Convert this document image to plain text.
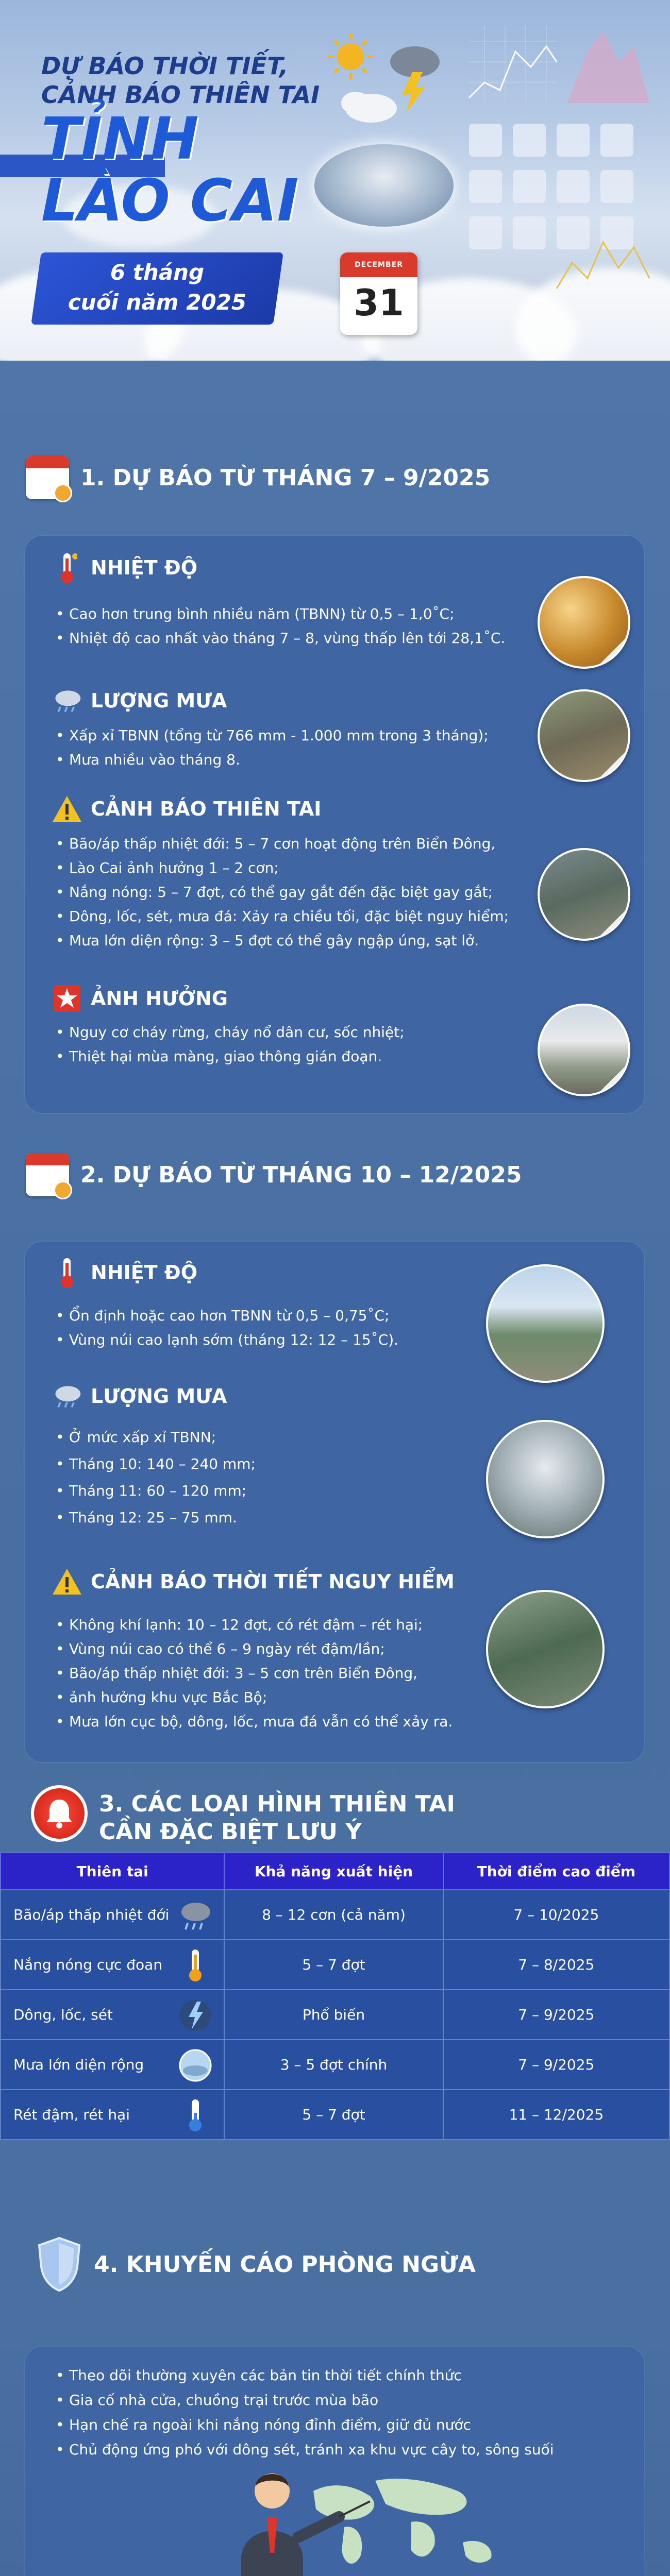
DỰ BÁO THỜI TIẾT,
CẢNH BÁO THIÊN TAI
TỈNH
LÀO CAI
6 tháng
cuối năm 2025
DECEMBER
31
1. DỰ BÁO TỪ THÁNG 7 – 9/2025
NHIỆT ĐỘ
• Cao hơn trung bình nhiều năm (TBNN) từ 0,5 – 1,0˚C;
• Nhiệt độ cao nhất vào tháng 7 – 8, vùng thấp lên tới 28,1˚C.
LƯỢNG MƯA
• Xấp xỉ TBNN (tổng từ 766 mm - 1.000 mm trong 3 tháng);
• Mưa nhiều vào tháng 8.
CẢNH BÁO THIÊN TAI
• Bão/áp thấp nhiệt đới: 5 – 7 cơn hoạt động trên Biển Đông,
• Lào Cai ảnh hưởng 1 – 2 cơn;
• Nắng nóng: 5 – 7 đợt, có thể gay gắt đến đặc biệt gay gắt;
• Dông, lốc, sét, mưa đá: Xảy ra chiều tối, đặc biệt nguy hiểm;
• Mưa lớn diện rộng: 3 – 5 đợt có thể gây ngập úng, sạt lở.
ẢNH HƯỞNG
• Nguy cơ cháy rừng, cháy nổ dân cư, sốc nhiệt;
• Thiệt hại mùa màng, giao thông gián đoạn.
2. DỰ BÁO TỪ THÁNG 10 – 12/2025
NHIỆT ĐỘ
• Ổn định hoặc cao hơn TBNN từ 0,5 – 0,75˚C;
• Vùng núi cao lạnh sớm (tháng 12: 12 – 15˚C).
LƯỢNG MƯA
• Ở mức xấp xỉ TBNN;
• Tháng 10: 140 – 240 mm;
• Tháng 11: 60 – 120 mm;
• Tháng 12: 25 – 75 mm.
CẢNH BÁO THỜI TIẾT NGUY HIỂM
• Không khí lạnh: 10 – 12 đợt, có rét đậm – rét hại;
• Vùng núi cao có thể 6 – 9 ngày rét đậm/lần;
• Bão/áp thấp nhiệt đới: 3 – 5 cơn trên Biển Đông,
• ảnh hưởng khu vực Bắc Bộ;
• Mưa lớn cục bộ, dông, lốc, mưa đá vẫn có thể xảy ra.
3. CÁC LOẠI HÌNH THIÊN TAI
CẦN ĐẶC BIỆT LƯU Ý
Thiên tai	Khả năng xuất hiện	Thời điểm cao điểm
Bão/áp thấp nhiệt đới	8 – 12 cơn (cả năm)	7 – 10/2025
Nắng nóng cực đoan	5 – 7 đợt	7 – 8/2025
Dông, lốc, sét	Phổ biến	7 – 9/2025
Mưa lớn diện rộng	3 – 5 đợt chính	7 – 9/2025
Rét đậm, rét hại	5 – 7 đợt	11 – 12/2025
4. KHUYẾN CÁO PHÒNG NGỪA
• Theo dõi thường xuyên các bản tin thời tiết chính thức
• Gia cố nhà cửa, chuồng trại trước mùa bão
• Hạn chế ra ngoài khi nắng nóng đỉnh điểm, giữ đủ nước
• Chủ động ứng phó với dông sét, tránh xa khu vực cây to, sông suối
